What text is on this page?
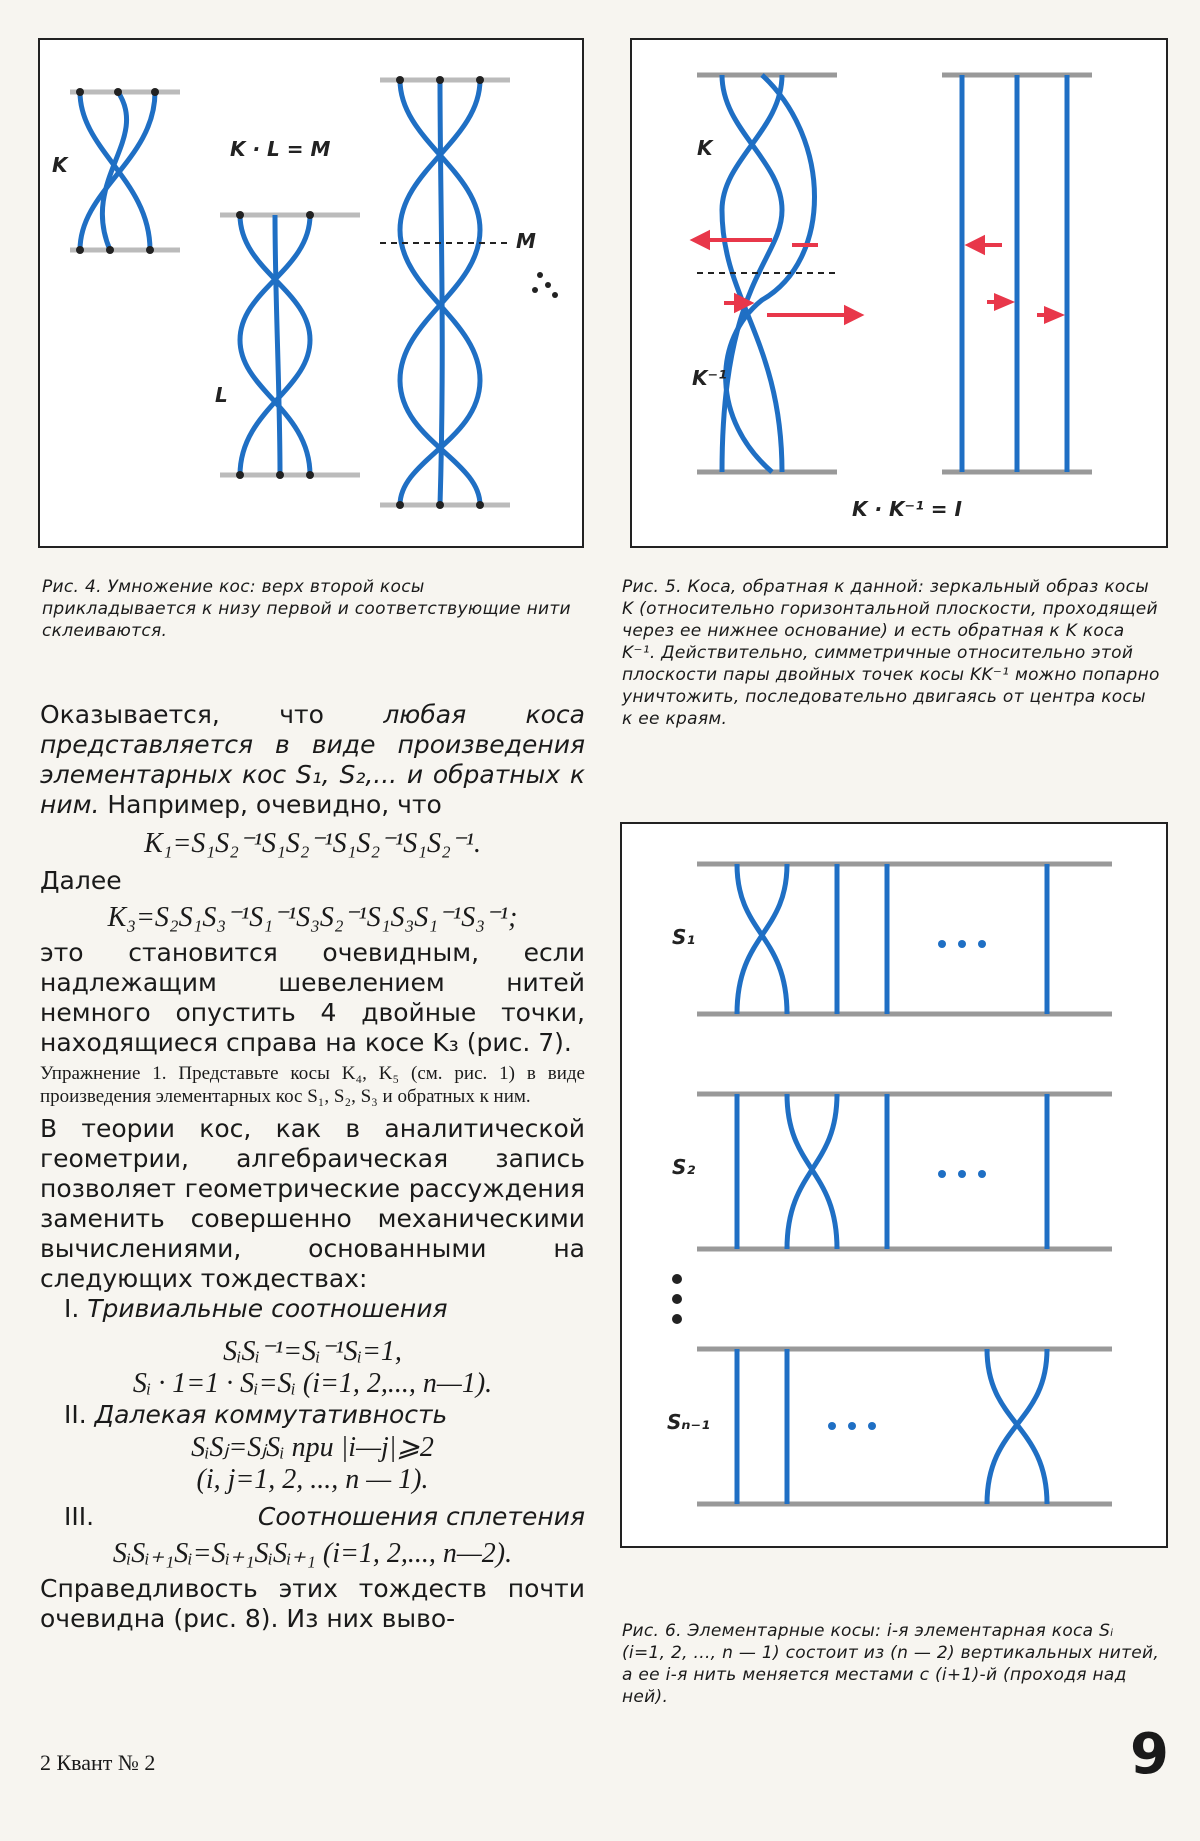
K
K · L = M
L
M
Рис. 4. Умножение кос: верх второй косы прикладывается к низу первой и соответствующие нити склеиваются.
K
K⁻¹
K · K⁻¹ = I
Рис. 5. Коса, обратная к данной: зеркальный образ косы K (относительно горизонтальной плоскости, проходящей через ее нижнее основание) и есть обратная к K коса K⁻¹. Действительно, симметричные относительно этой плоскости пары двойных точек косы KK⁻¹ можно попарно уничтожить, последовательно двигаясь от центра косы к ее краям.
S₁
S₂
Sₙ₋₁
Рис. 6. Элементарные косы: i-я элементарная коса Sᵢ (i=1, 2, ..., n — 1) состоит из (n — 2) вертикальных нитей, а ее i-я нить меняется местами с (i+1)-й (проходя над ней).

Оказывается, что любая коса представляется в виде произведения элементарных кос S₁, S₂,... и обратных к ним. Например, очевидно, что

K₁=S₁S₂⁻¹S₁S₂⁻¹S₁S₂⁻¹S₁S₂⁻¹.

Далее

K₃=S₂S₁S₃⁻¹S₁⁻¹S₃S₂⁻¹S₁S₃S₁⁻¹S₃⁻¹;

это становится очевидным, если надлежащим шевелением нитей немного опустить 4 двойные точки, находящиеся справа на косе K₃ (рис. 7).

Упражнение 1. Представьте косы K₄, K₅ (см. рис. 1) в виде произведения элементарных кос S₁, S₂, S₃ и обратных к ним.

В теории кос, как в аналитической геометрии, алгебраическая запись позволяет геометрические рассуждения заменить совершенно механическими вычислениями, основанными на следующих тождествах:

I. Тривиальные соотношения

SᵢSᵢ⁻¹=Sᵢ⁻¹Sᵢ=1,
Sᵢ · 1=1 · Sᵢ=Sᵢ (i=1, 2,..., n—1).

II. Далекая коммутативность

SᵢSⱼ=SⱼSᵢ при |i—j|⩾2
(i, j=1, 2, ..., n — 1).

III.	Соотношения сплетения

SᵢSᵢ₊₁Sᵢ=Sᵢ₊₁SᵢSᵢ₊₁ (i=1, 2,..., n—2).

Справедливость этих тождеств почти очевидна (рис. 8). Из них выво-

2 Квант № 2	9
